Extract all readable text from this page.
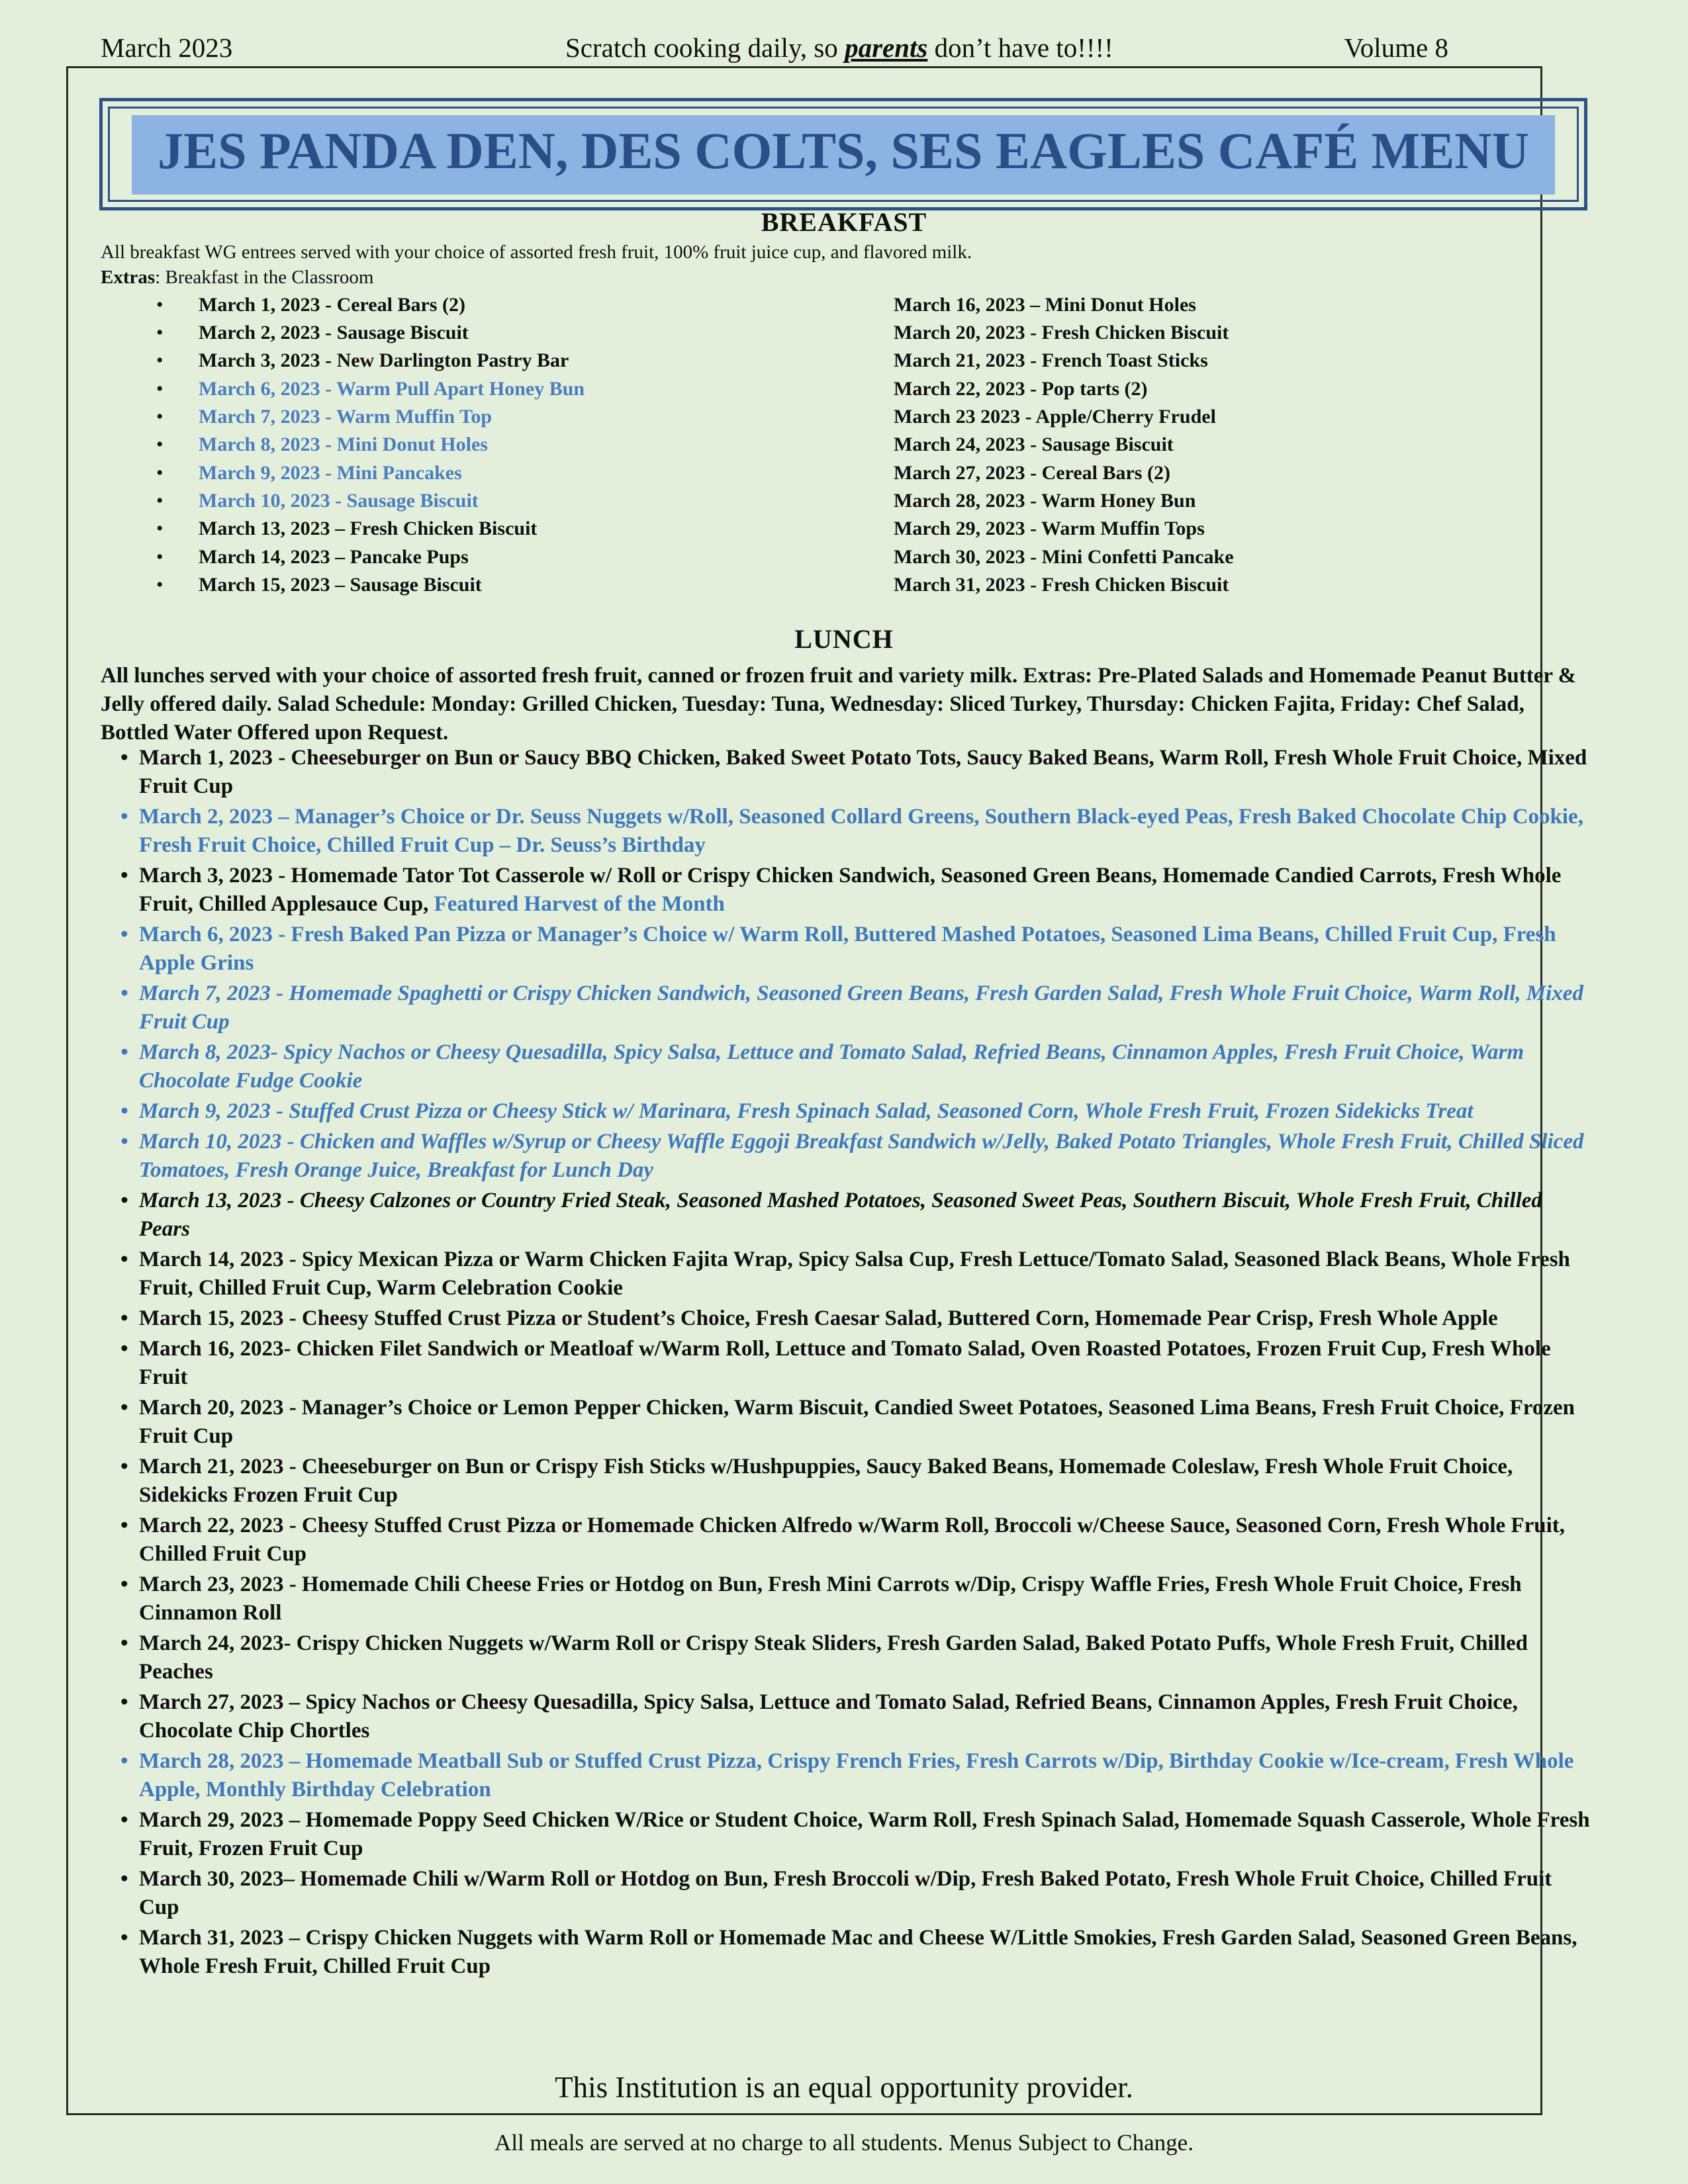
March 2023	Scratch cooking daily, so parents don’t have to!!!!	Volume 8
JES PANDA DEN, DES COLTS, SES EAGLES CAFÉ MENU
BREAKFAST
All breakfast WG entrees served with your choice of assorted fresh fruit, 100% fruit juice cup, and flavored milk.
Extras: Breakfast in the Classroom
• March 1, 2023 - Cereal Bars (2)
• March 2, 2023 - Sausage Biscuit
• March 3, 2023 - New Darlington Pastry Bar
• March 6, 2023 - Warm Pull Apart Honey Bun
• March 7, 2023 - Warm Muffin Top
• March 8, 2023 - Mini Donut Holes
• March 9, 2023 - Mini Pancakes
• March 10, 2023 - Sausage Biscuit
• March 13, 2023 – Fresh Chicken Biscuit
• March 14, 2023 – Pancake Pups
• March 15, 2023 – Sausage Biscuit
March 16, 2023 – Mini Donut Holes
March 20, 2023 - Fresh Chicken Biscuit
March 21, 2023 - French Toast Sticks
March 22, 2023 - Pop tarts (2)
March 23 2023 - Apple/Cherry Frudel
March 24, 2023 - Sausage Biscuit
March 27, 2023 - Cereal Bars (2)
March 28, 2023 - Warm Honey Bun
March 29, 2023 - Warm Muffin Tops
March 30, 2023 - Mini Confetti Pancake
March 31, 2023 - Fresh Chicken Biscuit
LUNCH
All lunches served with your choice of assorted fresh fruit, canned or frozen fruit and variety milk. Extras: Pre-Plated Salads and Homemade Peanut Butter & Jelly offered daily. Salad Schedule: Monday: Grilled Chicken, Tuesday: Tuna, Wednesday: Sliced Turkey, Thursday: Chicken Fajita, Friday: Chef Salad, Bottled Water Offered upon Request.
• March 1, 2023 - Cheeseburger on Bun or Saucy BBQ Chicken, Baked Sweet Potato Tots, Saucy Baked Beans, Warm Roll, Fresh Whole Fruit Choice, Mixed Fruit Cup
• March 2, 2023 – Manager’s Choice or Dr. Seuss Nuggets w/Roll, Seasoned Collard Greens, Southern Black-eyed Peas, Fresh Baked Chocolate Chip Cookie, Fresh Fruit Choice, Chilled Fruit Cup – Dr. Seuss’s Birthday
• March 3, 2023 - Homemade Tator Tot Casserole w/ Roll or Crispy Chicken Sandwich, Seasoned Green Beans, Homemade Candied Carrots, Fresh Whole Fruit, Chilled Applesauce Cup, Featured Harvest of the Month
• March 6, 2023 - Fresh Baked Pan Pizza or Manager’s Choice w/ Warm Roll, Buttered Mashed Potatoes, Seasoned Lima Beans, Chilled Fruit Cup, Fresh Apple Grins
• March 7, 2023 - Homemade Spaghetti or Crispy Chicken Sandwich, Seasoned Green Beans, Fresh Garden Salad, Fresh Whole Fruit Choice, Warm Roll, Mixed Fruit Cup
• March 8, 2023- Spicy Nachos or Cheesy Quesadilla, Spicy Salsa, Lettuce and Tomato Salad, Refried Beans, Cinnamon Apples, Fresh Fruit Choice, Warm Chocolate Fudge Cookie
• March 9, 2023 - Stuffed Crust Pizza or Cheesy Stick w/ Marinara, Fresh Spinach Salad, Seasoned Corn, Whole Fresh Fruit, Frozen Sidekicks Treat
• March 10, 2023 - Chicken and Waffles w/Syrup or Cheesy Waffle Eggoji Breakfast Sandwich w/Jelly, Baked Potato Triangles, Whole Fresh Fruit, Chilled Sliced Tomatoes, Fresh Orange Juice, Breakfast for Lunch Day
• March 13, 2023 - Cheesy Calzones or Country Fried Steak, Seasoned Mashed Potatoes, Seasoned Sweet Peas, Southern Biscuit, Whole Fresh Fruit, Chilled Pears
• March 14, 2023 - Spicy Mexican Pizza or Warm Chicken Fajita Wrap, Spicy Salsa Cup, Fresh Lettuce/Tomato Salad, Seasoned Black Beans, Whole Fresh Fruit, Chilled Fruit Cup, Warm Celebration Cookie
• March 15, 2023 - Cheesy Stuffed Crust Pizza or Student’s Choice, Fresh Caesar Salad, Buttered Corn, Homemade Pear Crisp, Fresh Whole Apple
• March 16, 2023- Chicken Filet Sandwich or Meatloaf w/Warm Roll, Lettuce and Tomato Salad, Oven Roasted Potatoes, Frozen Fruit Cup, Fresh Whole Fruit
• March 20, 2023 - Manager’s Choice or Lemon Pepper Chicken, Warm Biscuit, Candied Sweet Potatoes, Seasoned Lima Beans, Fresh Fruit Choice, Frozen Fruit Cup
• March 21, 2023 - Cheeseburger on Bun or Crispy Fish Sticks w/Hushpuppies, Saucy Baked Beans, Homemade Coleslaw, Fresh Whole Fruit Choice, Sidekicks Frozen Fruit Cup
• March 22, 2023 - Cheesy Stuffed Crust Pizza or Homemade Chicken Alfredo w/Warm Roll, Broccoli w/Cheese Sauce, Seasoned Corn, Fresh Whole Fruit, Chilled Fruit Cup
• March 23, 2023 - Homemade Chili Cheese Fries or Hotdog on Bun, Fresh Mini Carrots w/Dip, Crispy Waffle Fries, Fresh Whole Fruit Choice, Fresh Cinnamon Roll
• March 24, 2023- Crispy Chicken Nuggets w/Warm Roll or Crispy Steak Sliders, Fresh Garden Salad, Baked Potato Puffs, Whole Fresh Fruit, Chilled Peaches
• March 27, 2023 – Spicy Nachos or Cheesy Quesadilla, Spicy Salsa, Lettuce and Tomato Salad, Refried Beans, Cinnamon Apples, Fresh Fruit Choice, Chocolate Chip Chortles
• March 28, 2023 – Homemade Meatball Sub or Stuffed Crust Pizza, Crispy French Fries, Fresh Carrots w/Dip, Birthday Cookie w/Ice-cream, Fresh Whole Apple, Monthly Birthday Celebration
• March 29, 2023 – Homemade Poppy Seed Chicken W/Rice or Student Choice, Warm Roll, Fresh Spinach Salad, Homemade Squash Casserole, Whole Fresh Fruit, Frozen Fruit Cup
• March 30, 2023– Homemade Chili w/Warm Roll or Hotdog on Bun, Fresh Broccoli w/Dip, Fresh Baked Potato, Fresh Whole Fruit Choice, Chilled Fruit Cup
• March 31, 2023 – Crispy Chicken Nuggets with Warm Roll or Homemade Mac and Cheese W/Little Smokies, Fresh Garden Salad, Seasoned Green Beans, Whole Fresh Fruit, Chilled Fruit Cup
This Institution is an equal opportunity provider.
All meals are served at no charge to all students. Menus Subject to Change.
